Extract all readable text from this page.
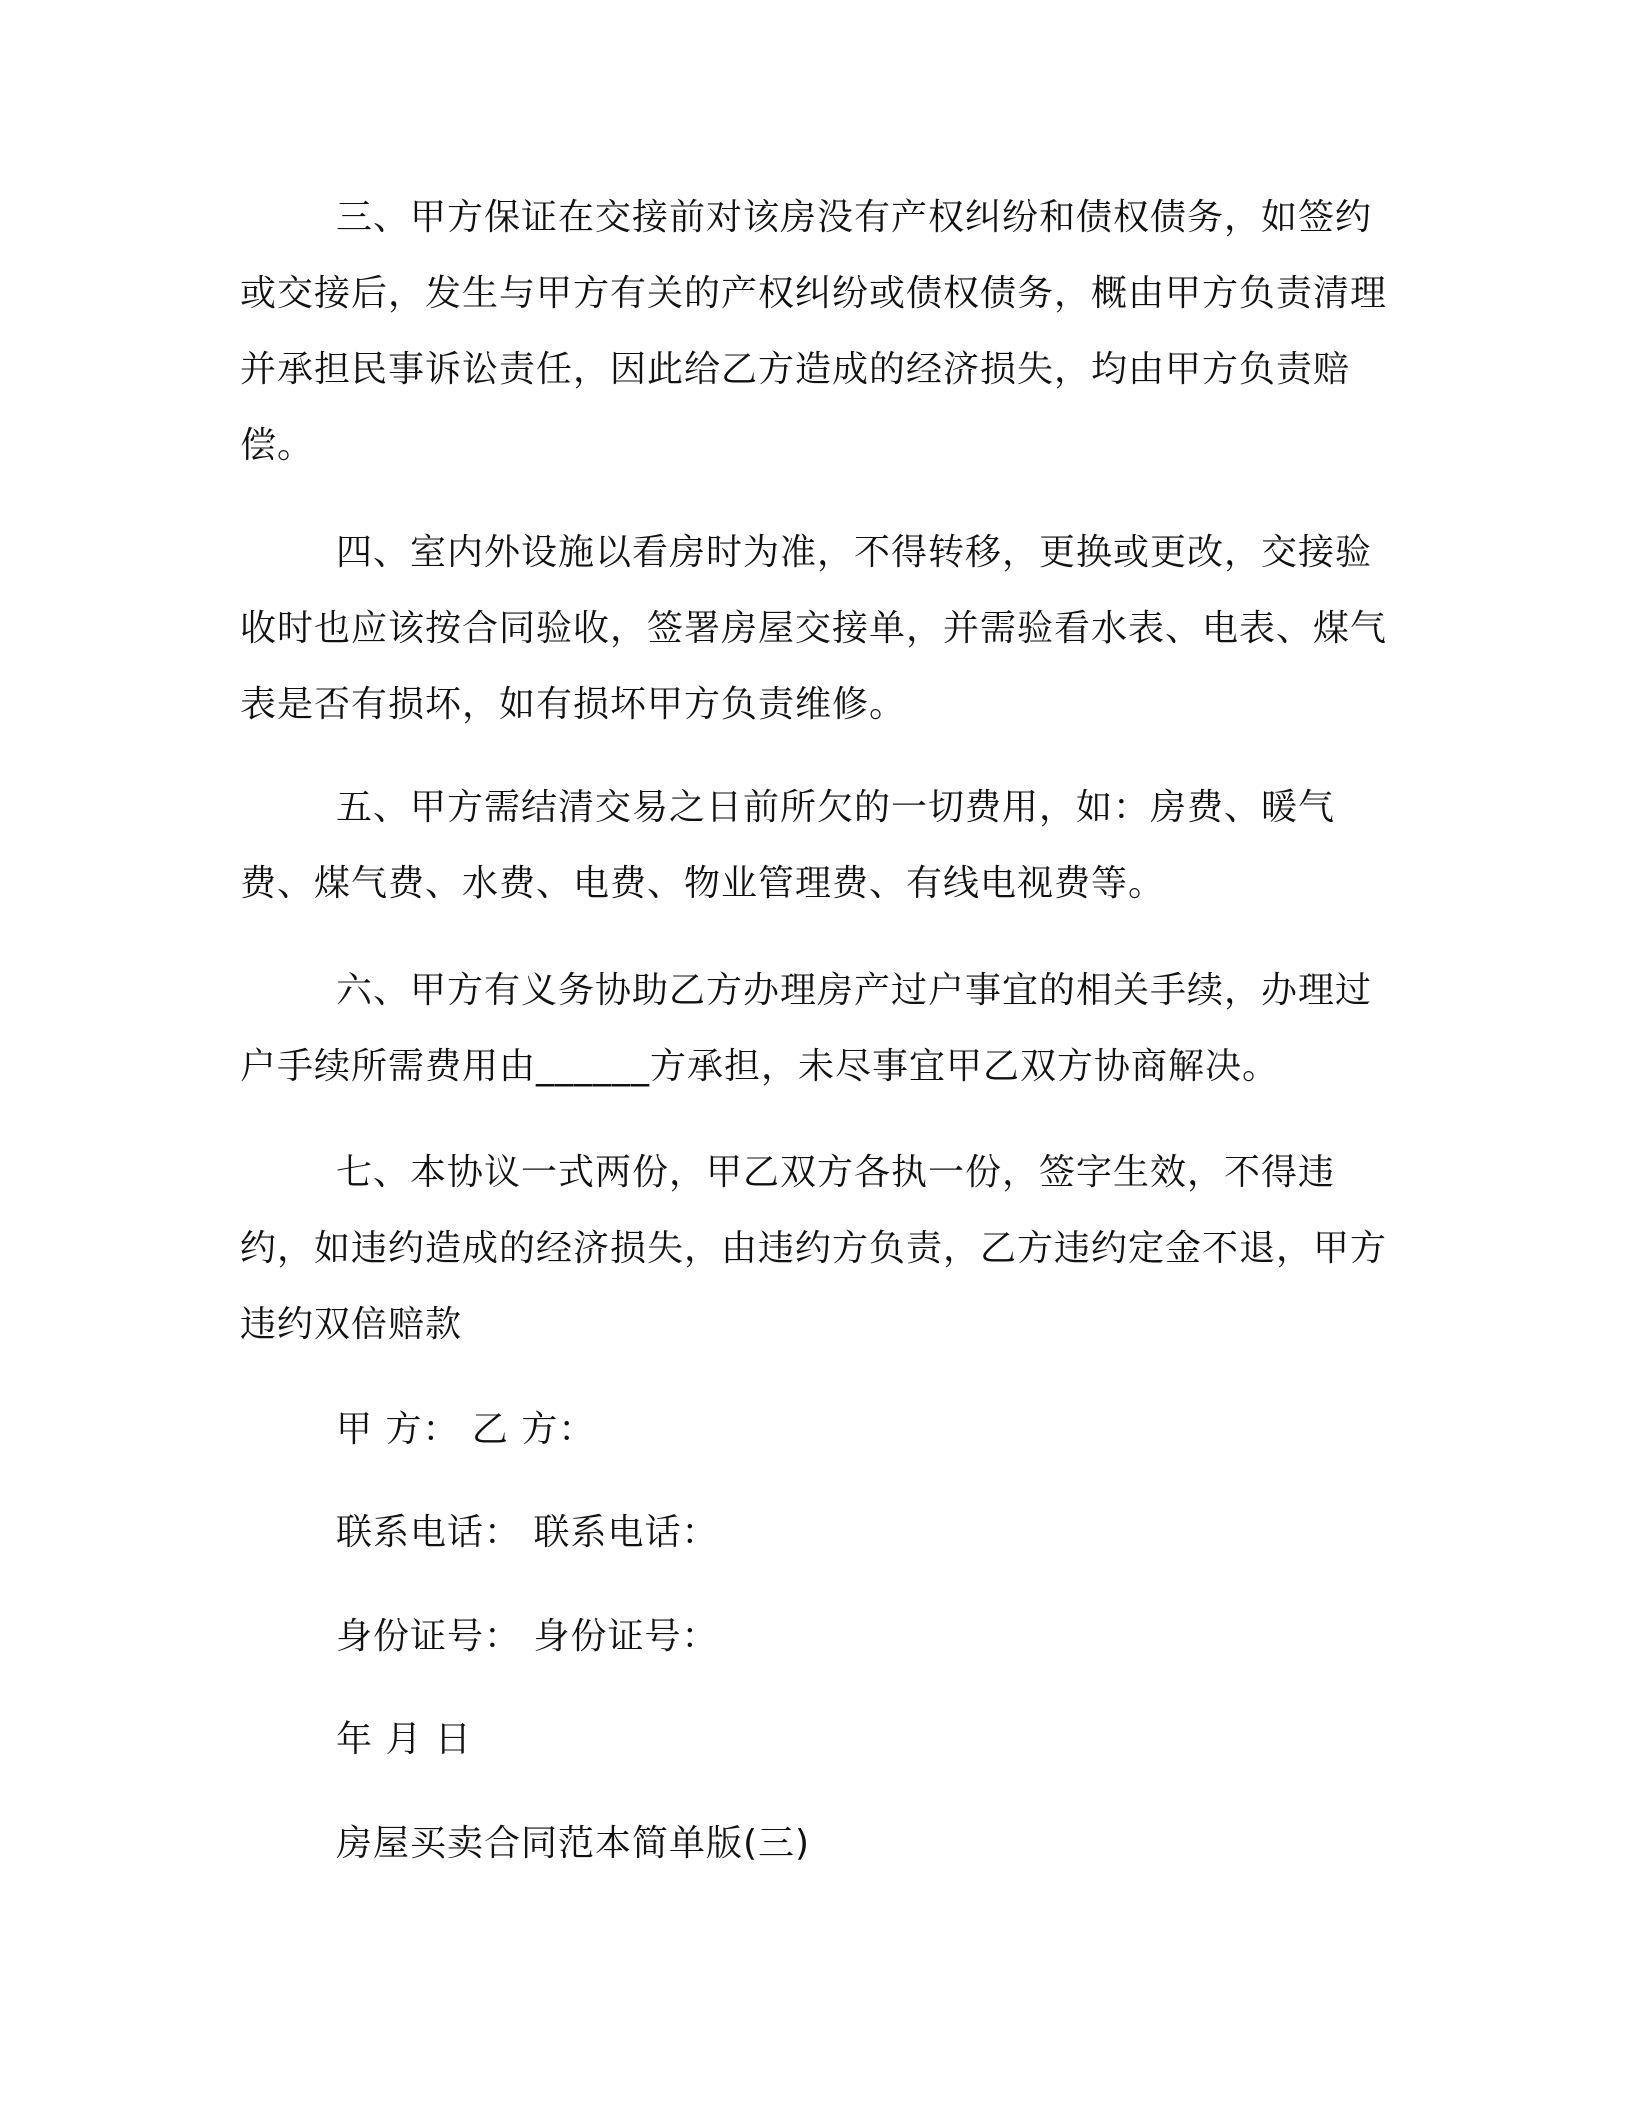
三、甲方保证在交接前对该房没有产权纠纷和债权债务，如签约或交接后，发生与甲方有关的产权纠纷或债权债务，概由甲方负责清理并承担民事诉讼责任，因此给乙方造成的经济损失，均由甲方负责赔偿。

四、室内外设施以看房时为准，不得转移，更换或更改，交接验收时也应该按合同验收，签署房屋交接单，并需验看水表、电表、煤气表是否有损坏，如有损坏甲方负责维修。

五、甲方需结清交易之日前所欠的一切费用，如：房费、暖气费、煤气费、水费、电费、物业管理费、有线电视费等。

六、甲方有义务协助乙方办理房产过户事宜的相关手续，办理过户手续所需费用由______方承担，未尽事宜甲乙双方协商解决。

七、本协议一式两份，甲乙双方各执一份，签字生效，不得违约，如违约造成的经济损失，由违约方负责，乙方违约定金不退，甲方违约双倍赔款

甲 方： 乙 方：

联系电话： 联系电话：

身份证号： 身份证号：

年 月 日

房屋买卖合同范本简单版(三)
